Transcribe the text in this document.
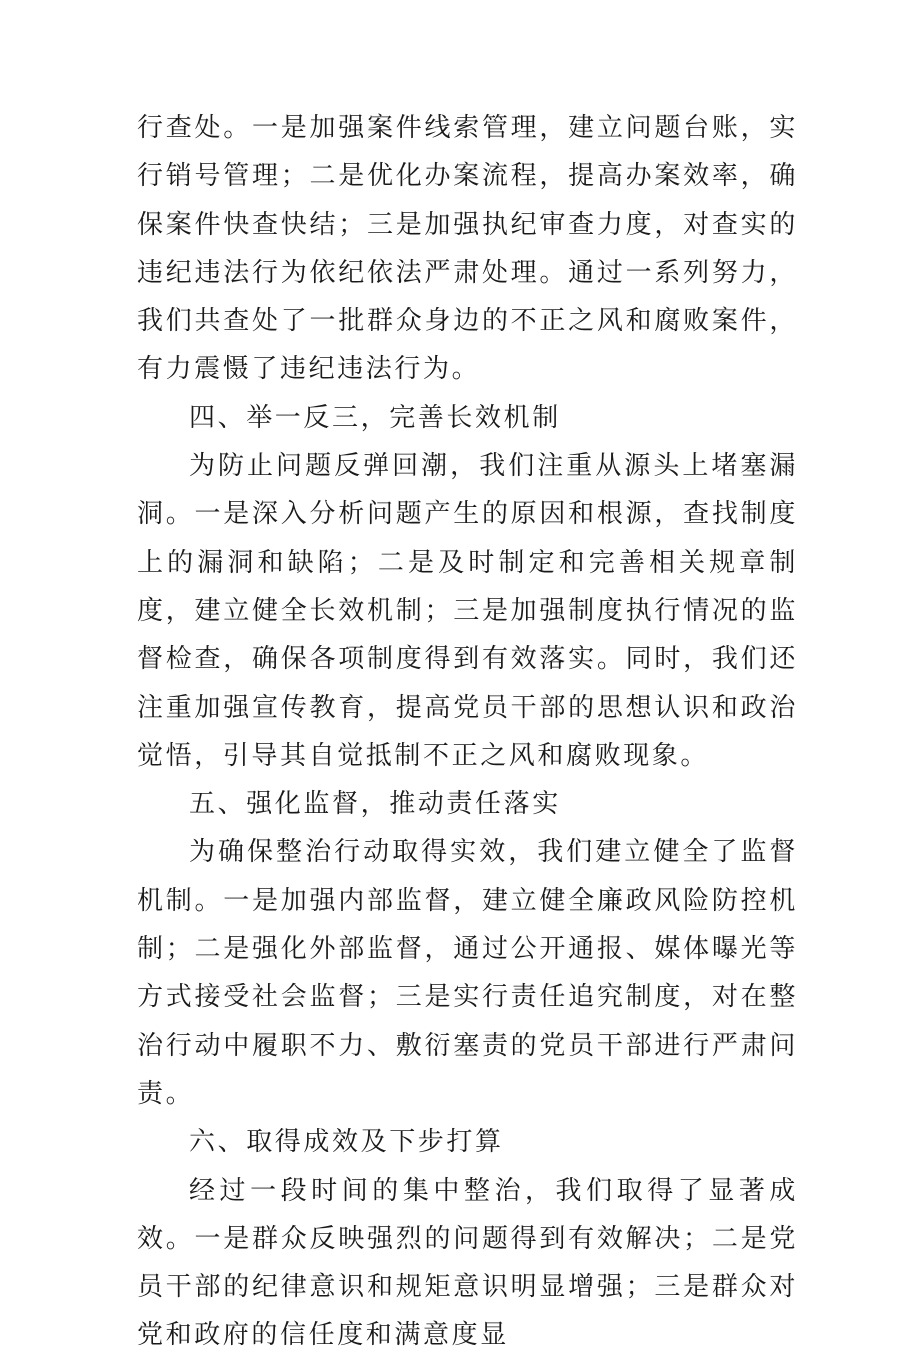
行查处。一是加强案件线索管理，建立问题台账，实行销号管理；二是优化办案流程，提高办案效率，确保案件快查快结；三是加强执纪审查力度，对查实的违纪违法行为依纪依法严肃处理。通过一系列努力，我们共查处了一批群众身边的不正之风和腐败案件，有力震慑了违纪违法行为。

四、举一反三，完善长效机制

为防止问题反弹回潮，我们注重从源头上堵塞漏洞。一是深入分析问题产生的原因和根源，查找制度上的漏洞和缺陷；二是及时制定和完善相关规章制度，建立健全长效机制；三是加强制度执行情况的监督检查，确保各项制度得到有效落实。同时，我们还注重加强宣传教育，提高党员干部的思想认识和政治觉悟，引导其自觉抵制不正之风和腐败现象。

五、强化监督，推动责任落实

为确保整治行动取得实效，我们建立健全了监督机制。一是加强内部监督，建立健全廉政风险防控机制；二是强化外部监督，通过公开通报、媒体曝光等方式接受社会监督；三是实行责任追究制度，对在整治行动中履职不力、敷衍塞责的党员干部进行严肃问责。

六、取得成效及下步打算

经过一段时间的集中整治，我们取得了显著成效。一是群众反映强烈的问题得到有效解决；二是党员干部的纪律意识和规矩意识明显增强；三是群众对党和政府的信任度和满意度显
